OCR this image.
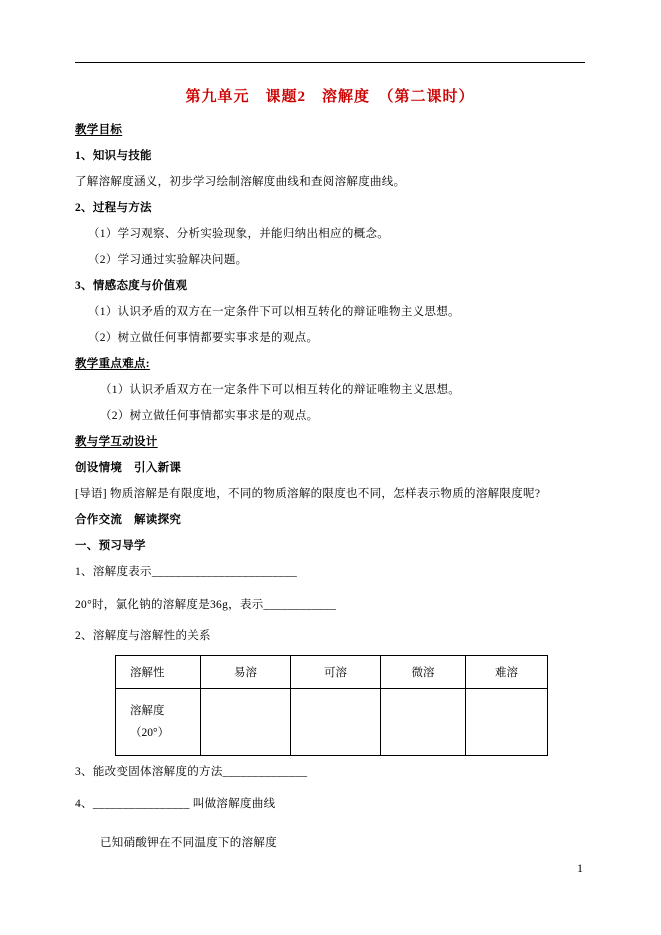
第九单元　课题2　溶解度　（第二课时）

教学目标

1、知识与技能

了解溶解度涵义，初步学习绘制溶解度曲线和查阅溶解度曲线。

2、过程与方法

（1）学习观察、分析实验现象，并能归纳出相应的概念。

（2）学习通过实验解决问题。

3、情感态度与价值观

（1）认识矛盾的双方在一定条件下可以相互转化的辩证唯物主义思想。

（2）树立做任何事情都要实事求是的观点。

教学重点难点:

（1）认识矛盾双方在一定条件下可以相互转化的辩证唯物主义思想。

（2）树立做任何事情都实事求是的观点。

教与学互动设计

创设情境　引入新课

[导语] 物质溶解是有限度地，不同的物质溶解的限度也不同，怎样表示物质的溶解限度呢?

合作交流　解读探究

一、预习导学

1、溶解度表示________________________

20°时，氯化钠的溶解度是36g，表示____________

2、溶解度与溶解性的关系

溶解性	易溶	可溶	微溶	难溶
溶解度（20°）				

3、能改变固体溶解度的方法______________

4、________________ 叫做溶解度曲线

已知硝酸钾在不同温度下的溶解度

1
